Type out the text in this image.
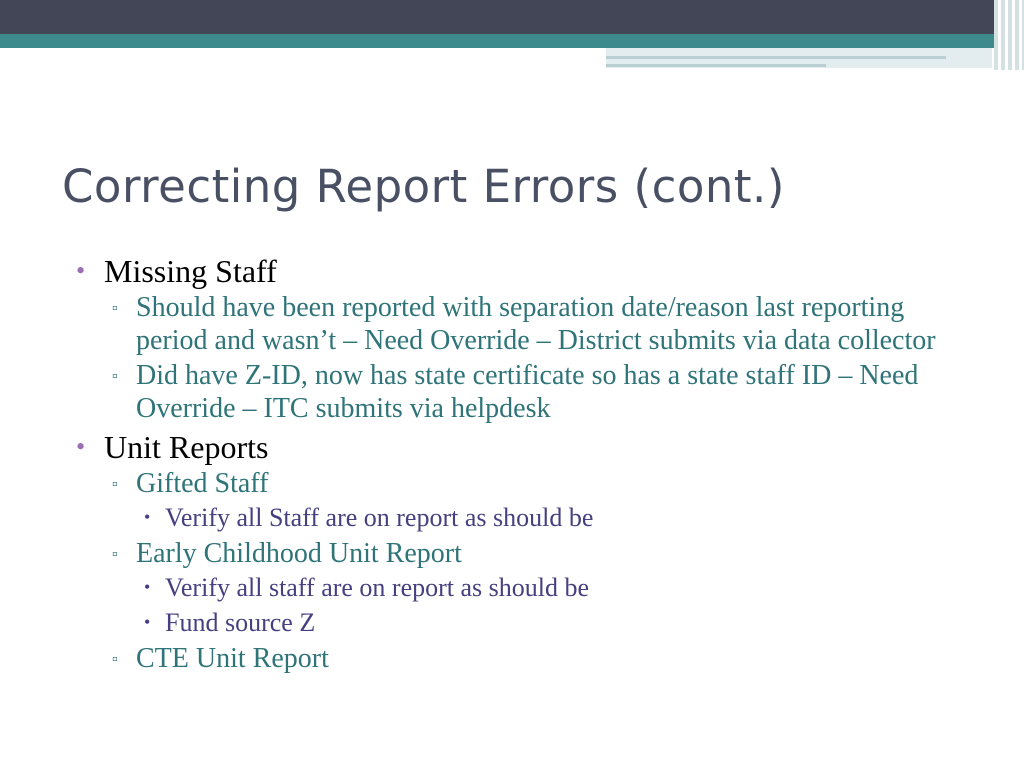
Correcting Report Errors (cont.)
• Missing Staff
▫ Should have been reported with separation date/reason last reporting period and wasn’t – Need Override – District submits via data collector
▫ Did have Z-ID, now has state certificate so has a state staff ID – Need Override – ITC submits via helpdesk
• Unit Reports
▫ Gifted Staff
• Verify all Staff are on report as should be
▫ Early Childhood Unit Report
• Verify all staff are on report as should be
• Fund source Z
▫ CTE Unit Report
